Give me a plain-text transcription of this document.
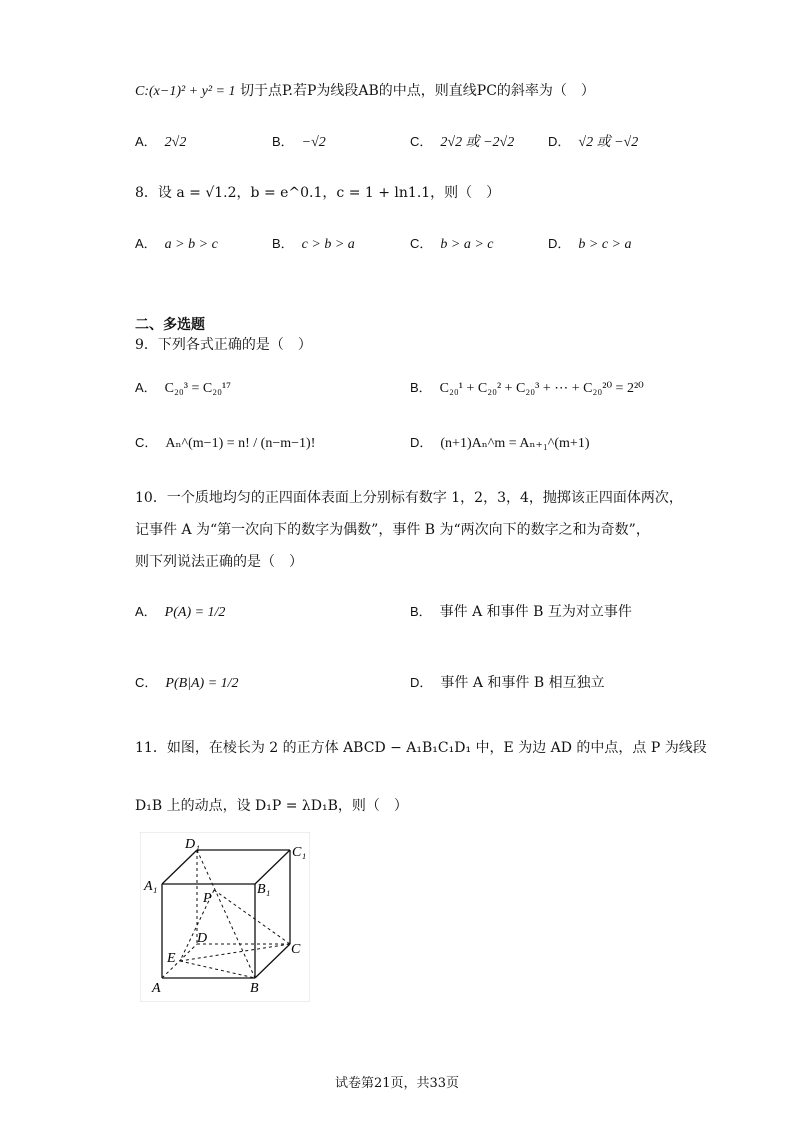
C:(x−1)² + y² = 1 切于点P.若P为线段AB的中点，则直线PC的斜率为（　）
A． 2√2	B． −√2	C． 2√2 或 −2√2	D． √2 或 −√2
8．设 a = √1.2，b = e^0.1，c = 1 + ln1.1，则（　）
A． a > b > c	B． c > b > a	C． b > a > c	D． b > c > a
二、多选题
9．下列各式正确的是（　）
A． C₂₀³ = C₂₀¹⁷	B． C₂₀¹ + C₂₀² + C₂₀³ + ⋯ + C₂₀²⁰ = 2²⁰
C． Aₙ^(m−1) = n! / (n−m−1)!	D． (n+1)Aₙ^m = Aₙ₊₁^(m+1)
10．一个质地均匀的正四面体表面上分别标有数字 1，2，3，4，抛掷该正四面体两次，
记事件 A 为“第一次向下的数字为偶数”，事件 B 为“两次向下的数字之和为奇数”，
则下列说法正确的是（　）
A． P(A) = 1/2	B． 事件 A 和事件 B 互为对立事件
C． P(B|A) = 1/2	D． 事件 A 和事件 B 相互独立
11．如图，在棱长为 2 的正方体 ABCD − A₁B₁C₁D₁ 中，E 为边 AD 的中点，点 P 为线段
D₁B 上的动点，设 D₁P = λD₁B，则（　）
D₁
C₁
A₁	B₁
P
D
C
E
A	B
试卷第21页，共33页
